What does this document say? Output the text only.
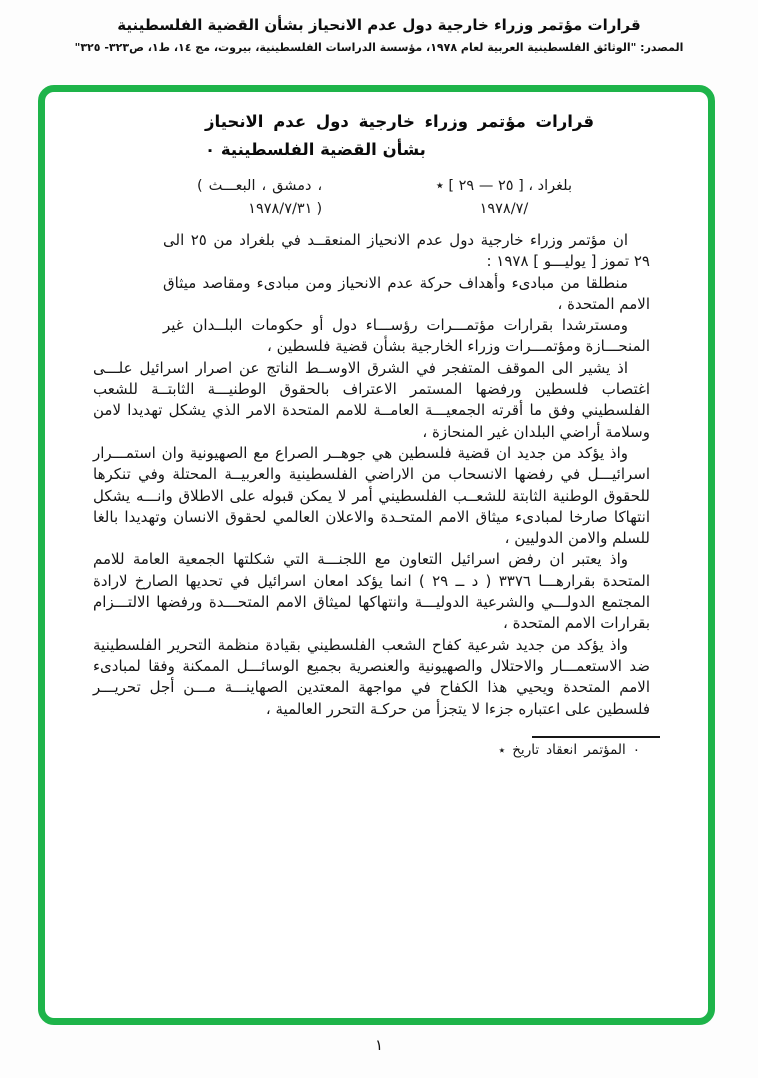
قرارات مؤتمر وزراء خارجية دول عدم الانحياز بشأن القضية الفلسطينية
المصدر: "الوثائق الفلسطينية العربية لعام ١٩٧٨، مؤسسة الدراسات الفلسطينية، بيروت، مج ١٤، ط١، ص٣٢٣- ٣٢٥"
قرارات مؤتمر وزراء خارجية دول عدم الانحياز بشأن القضية الفلسطينية ٠
( البعـــث ، دمشق ،
١٩٧٨/٧/٣١ )
بلغراد ، [ ٢٥ — ٢٩ ] ٭
١٩٧٨/٧/

ان مؤتمر وزراء خارجية دول عدم الانحياز المنعقــد في بلغراد من ٢٥ الى ٢٩ تموز [ يوليـــو ] ١٩٧٨ :

منطلقا من مبادىء وأهداف حركة عدم الانحياز ومن مبادىء ومقاصد ميثاق الامم المتحدة ،

ومسترشدا بقرارات مؤتمـــرات رؤســـاء دول أو حكومات البلــدان غير المنحـــازة ومؤتمـــرات وزراء الخارجية بشأن قضية فلسطين ،

اذ يشير الى الموقف المتفجر في الشرق الاوســط الناتج عن اصرار اسرائيل علـــى اغتصاب فلسطين ورفضها المستمر الاعتراف بالحقوق الوطنيـــة الثابتــة للشعب الفلسطيني وفق ما أقرته الجمعيـــة العامــة للامم المتحدة الامر الذي يشكل تهديدا لامن وسلامة أراضي البلدان غير المنحازة ،

واذ يؤكد من جديد ان قضية فلسطين هي جوهــر الصراع مع الصهيونية وان استمـــرار اسرائيـــل في رفضها الانسحاب من الاراضي الفلسطينية والعربيــة المحتلة وفي تنكرها للحقوق الوطنية الثابتة للشعــب الفلسطيني أمر لا يمكن قبوله على الاطلاق وانـــه يشكل انتهاكا صارخا لمبادىء ميثاق الامم المتحـدة والاعلان العالمي لحقوق الانسان وتهديدا بالغا للسلم والامن الدوليين ،

واذ يعتبر ان رفض اسرائيل التعاون مع اللجنـــة التي شكلتها الجمعية العامة للامم المتحدة بقرارهـــا ٣٣٧٦ ( د ــ ٢٩ ) انما يؤكد امعان اسرائيل في تحديها الصارخ لارادة المجتمع الدولـــي والشرعية الدوليـــة وانتهاكها لميثاق الامم المتحـــدة ورفضها الالتـــزام بقرارات الامم المتحدة ،

واذ يؤكد من جديد شرعية كفاح الشعب الفلسطيني بقيادة منظمة التحرير الفلسطينية ضد الاستعمـــار والاحتلال والصهيونية والعنصرية بجميع الوسائـــل الممكنة وفقا لمبادىء الامم المتحدة ويحيي هذا الكفاح في مواجهة المعتدين الصهاينـــة مـــن أجل تحريـــر فلسطين على اعتباره جزءا لا يتجزأ من حركـة التحرر العالمية ،

٭ تاريخ انعقاد المؤتمر ٠
١
